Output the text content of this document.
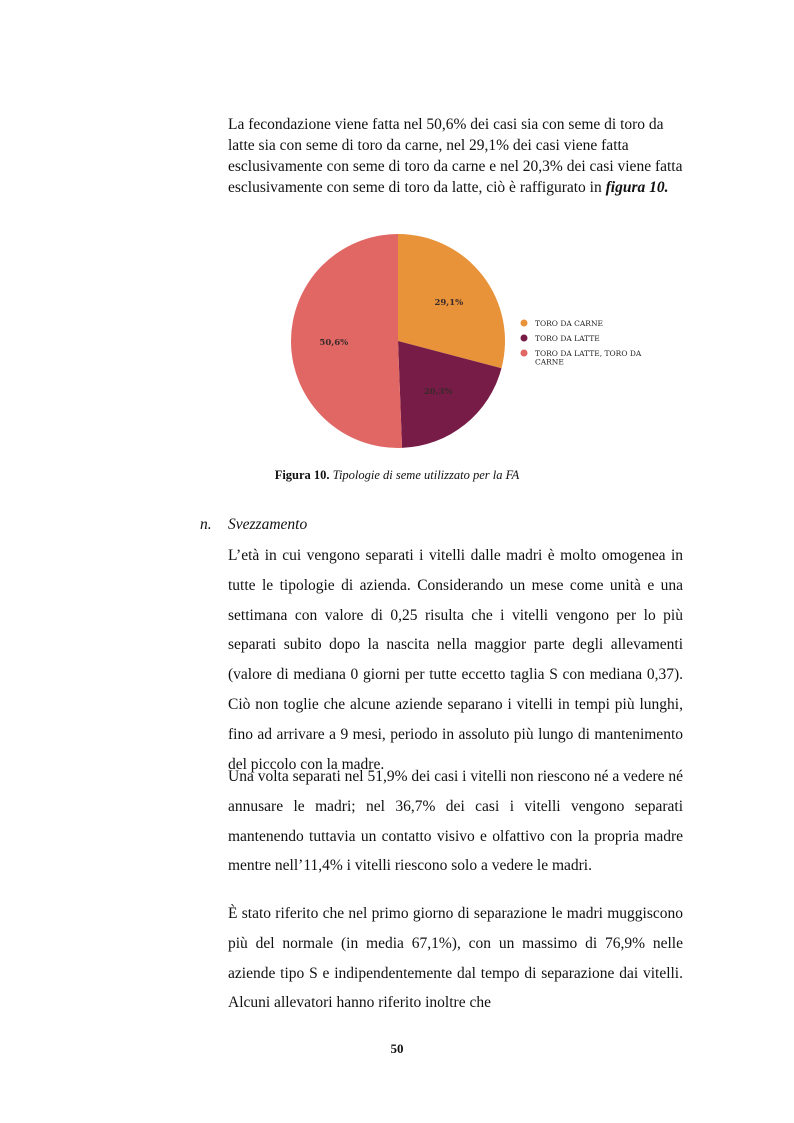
La fecondazione viene fatta nel 50,6% dei casi sia con seme di toro da latte sia con seme di toro da carne, nel 29,1% dei casi viene fatta esclusivamente con seme di toro da carne e nel 20,3% dei casi viene fatta esclusivamente con seme di toro da latte, ciò è raffigurato in figura 10.

29,1%
20,3%
50,6%
TORO DA CARNE
TORO DA LATTE
TORO DA LATTE, TORO DA CARNE

Figura 10. Tipologie di seme utilizzato per la FA

n. Svezzamento

L’età in cui vengono separati i vitelli dalle madri è molto omogenea in tutte le tipologie di azienda. Considerando un mese come unità e una settimana con valore di 0,25 risulta che i vitelli vengono per lo più separati subito dopo la nascita nella maggior parte degli allevamenti (valore di mediana 0 giorni per tutte eccetto taglia S con mediana 0,37). Ciò non toglie che alcune aziende separano i vitelli in tempi più lunghi, fino ad arrivare a 9 mesi, periodo in assoluto più lungo di mantenimento del piccolo con la madre.

Una volta separati nel 51,9% dei casi i vitelli non riescono né a vedere né annusare le madri; nel 36,7% dei casi i vitelli vengono separati mantenendo tuttavia un contatto visivo e olfattivo con la propria madre mentre nell’11,4% i vitelli riescono solo a vedere le madri.

È stato riferito che nel primo giorno di separazione le madri muggiscono più del normale (in media 67,1%), con un massimo di 76,9% nelle aziende tipo S e indipendentemente dal tempo di separazione dai vitelli. Alcuni allevatori hanno riferito inoltre che

50
